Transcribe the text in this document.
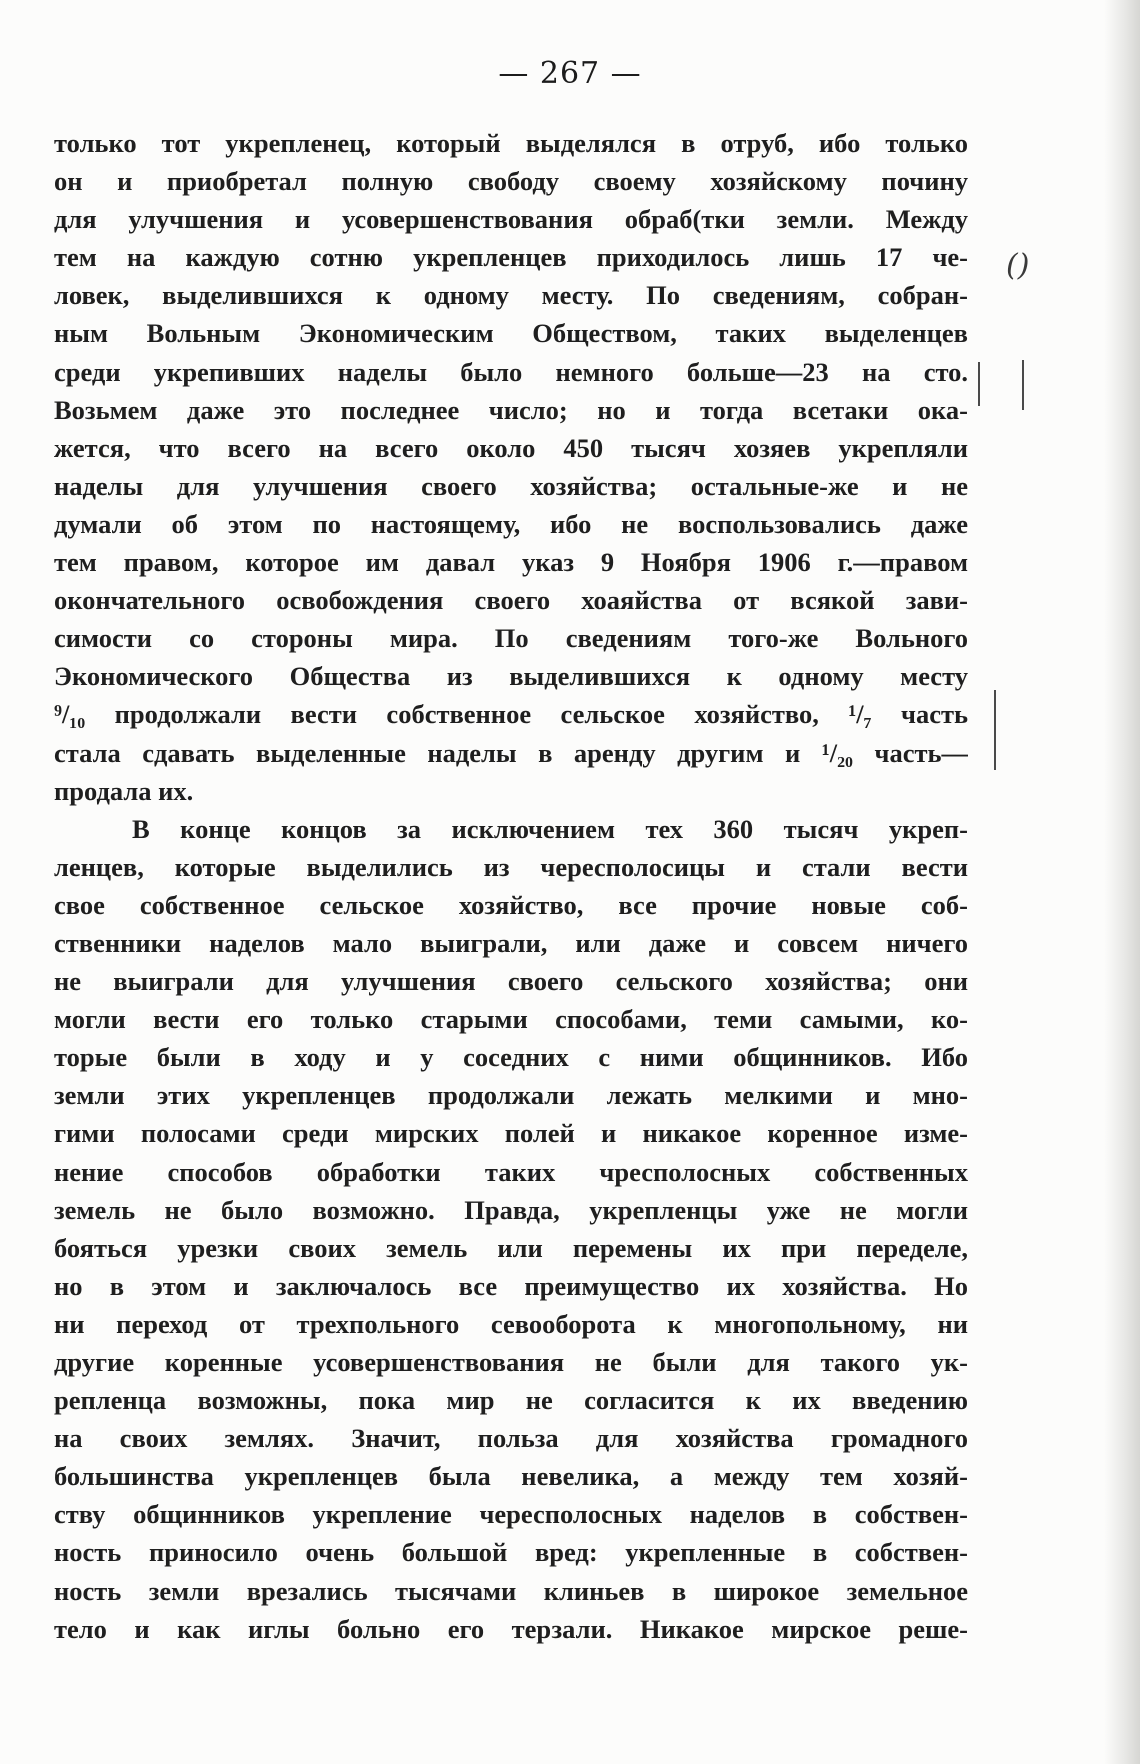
— 267 —
только тот укрепленец, который выделялся в отруб, ибо только
он и приобретал полную свободу своему хозяйскому почину
для улучшения и усовершенствования обраб(тки земли. Между
тем на каждую сотню укрепленцев приходилось лишь 17 че-
ловек, выделившихся к одному месту. По сведениям, собран-
ным Вольным Экономическим Обществом, таких выделенцев
среди укрепивших наделы было немного больше—23 на сто.
Возьмем даже это последнее число; но и тогда всетаки ока-
жется, что всего на всего около 450 тысяч хозяев укрепляли
наделы для улучшения своего хозяйства; остальные-же и не
думали об этом по настоящему, ибо не воспользовались даже
тем правом, которое им давал указ 9 Ноября 1906 г.—правом
окончательного освобождения своего хоаяйства от всякой зави-
симости со стороны мира. По сведениям того-же Вольного
Экономического Общества из выделившихся к одному месту
⁹/₁₀ продолжали вести собственное сельское хозяйство, ¹/₇ часть
стала сдавать выделенные наделы в аренду другим и ¹/₂₀ часть—
продала их.
В конце концов за исключением тех 360 тысяч укреп-
ленцев, которые выделились из чересполосицы и стали вести
свое собственное сельское хозяйство, все прочие новые соб-
ственники наделов мало выиграли, или даже и совсем ничего
не выиграли для улучшения своего сельского хозяйства; они
могли вести его только старыми способами, теми самыми, ко-
торые были в ходу и у соседних с ними общинников. Ибо
земли этих укрепленцев продолжали лежать мелкими и мно-
гими полосами среди мирских полей и никакое коренное изме-
нение способов обработки таких чресполосных собственных
земель не было возможно. Правда, укрепленцы уже не могли
бояться урезки своих земель или перемены их при переделе,
но в этом и заключалось все преимущество их хозяйства. Но
ни переход от трехпольного севооборота к многопольному, ни
другие коренные усовершенствования не были для такого ук-
репленца возможны, пока мир не согласится к их введению
на своих землях. Значит, польза для хозяйства громадного
большинства укрепленцев была невелика, а между тем хозяй-
ству общинников укрепление чересполосных наделов в собствен-
ность приносило очень большой вред: укрепленные в собствен-
ность земли врезались тысячами клиньев в широкое земельное
тело и как иглы больно его терзали. Никакое мирское реше-
()
